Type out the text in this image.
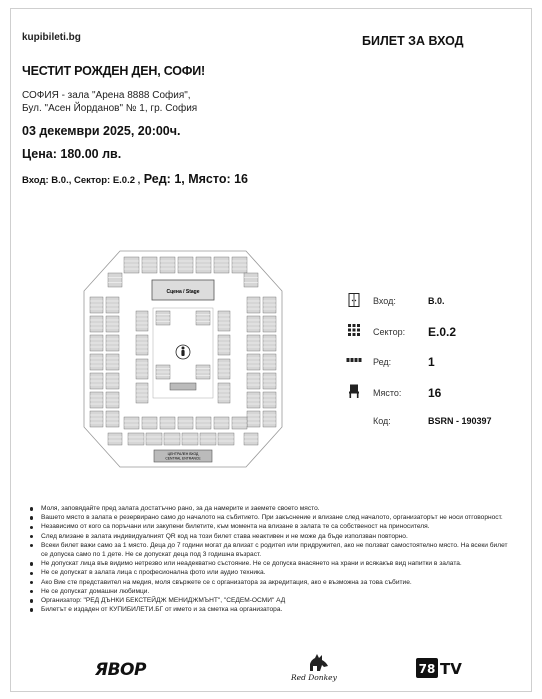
kupibileti.bg	БИЛЕТ ЗА ВХОД
ЧЕСТИТ РОЖДЕН ДЕН, СОФИ!
СОФИЯ - зала "Арена 8888 София",
Бул. "Асен Йорданов" № 1, гр. София
03 декември 2025, 20:00ч.
Цена: 180.00 лв.
Вход: В.0., Сектор: Е.0.2 , Ред: 1, Място: 16
Сцена / Stage
ЦЕНТРАЛЕН ВХОД
CENTRAL ENTRANCE
Вход:	В.0.
Сектор: Е.0.2
Ред:	1
Място: 16
Код:	BSRN - 190397
Моля, заповядайте пред залата достатъчно рано, за да намерите и заемете своето място.
Вашето място в залата е резервирано само до началото на събитието. При закъснение и влизане след началото, организаторът не носи отговорност.
Независимо от кого са поръчани или закупени билетите, към момента на влизане в залата те са собственост на приносителя.
След влизане в залата индивидуалният QR код на този билет става неактивен и не може да бъде използван повторно.
Всеки билет важи само за 1 място. Деца до 7 години могат да влизат с родител или придружител, ако не ползват самостоятелно място. На всеки билет се допуска само по 1 дете. Не се допускат деца под 3 годишна възраст.
Не допускат лица във видимо нетрезво или неадекватно състояние. Не се допуска внасянето на храни и всякакъв вид напитки в залата.
Не се допускат в залата лица с професионална фото или аудио техника.
Ако Вие сте представител на медия, моля свържете се с организатора за акредитация, ако е възможна за това събитие.
Не се допускат домашни любимци.
Организатор: "РЕД ДЪНКИ БЕКСТЕЙДЖ МЕНИДЖМЪНТ", "СЕДЕМ-ОСМИ" АД
Билетът е издаден от КУПИБИЛЕТИ.БГ от името и за сметка на организатора.
ЯВОР	Red Donkey
78 TV
